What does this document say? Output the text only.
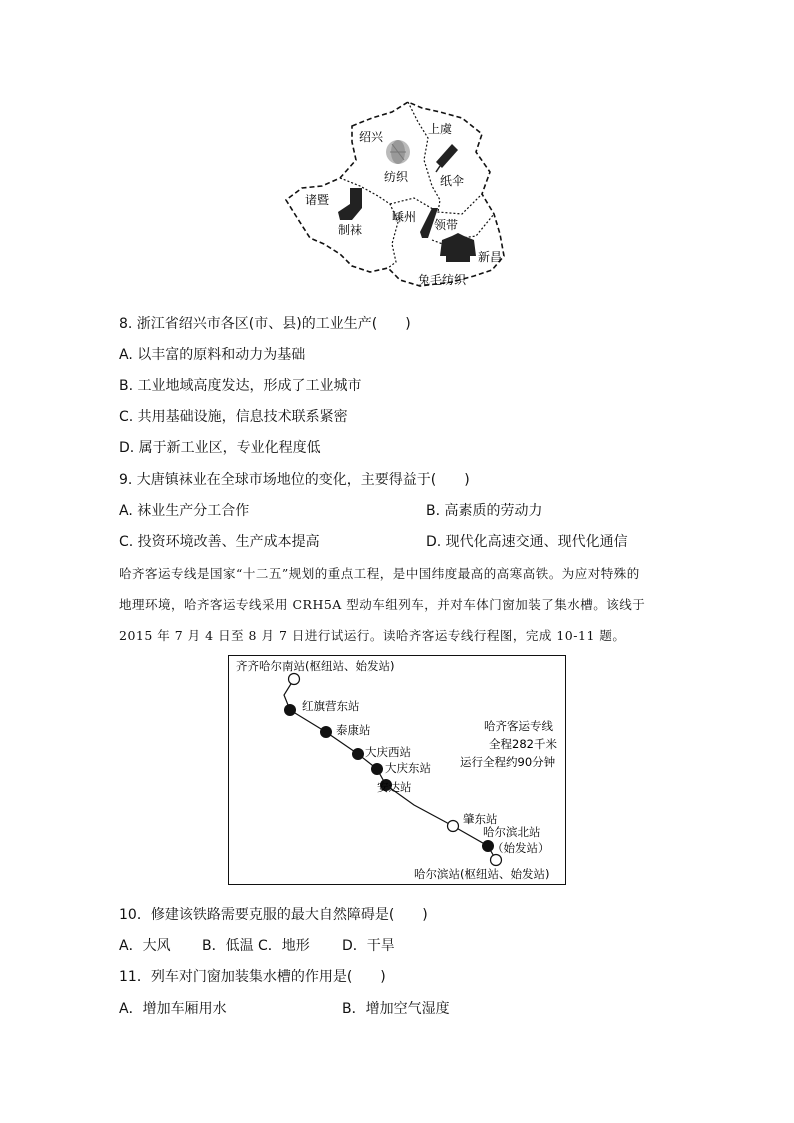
绍兴
上虞
纺织	纸伞
诸暨
制袜
嵊州
领带
新昌
兔毛纺织
8. 浙江省绍兴市各区(市、县)的工业生产(　　)
A. 以丰富的原料和动力为基础
B. 工业地域高度发达，形成了工业城市
C. 共用基础设施，信息技术联系紧密
D. 属于新工业区，专业化程度低
9. 大唐镇袜业在全球市场地位的变化，主要得益于(　　)
A. 袜业生产分工合作	B. 高素质的劳动力
C. 投资环境改善、生产成本提高	D. 现代化高速交通、现代化通信
哈齐客运专线是国家“十二五”规划的重点工程，是中国纬度最高的高寒高铁。为应对特殊的
地理环境，哈齐客运专线采用 CRH5A 型动车组列车，并对车体门窗加装了集水槽。该线于
2015 年 7 月 4 日至 8 月 7 日进行试运行。读哈齐客运专线行程图，完成 10-11 题。
齐齐哈尔南站(枢纽站、始发站)
红旗营东站
泰康站
大庆西站
大庆东站
安达站
肇东站
哈尔滨北站
（始发站）
哈尔滨站(枢纽站、始发站)
哈齐客运专线
全程282千米
运行全程约90分钟
10．修建该铁路需要克服的最大自然障碍是(　　)
A．大风 B．低温 C．地形 D．干旱
11．列车对门窗加装集水槽的作用是(　　)
A．增加车厢用水	B．增加空气湿度
